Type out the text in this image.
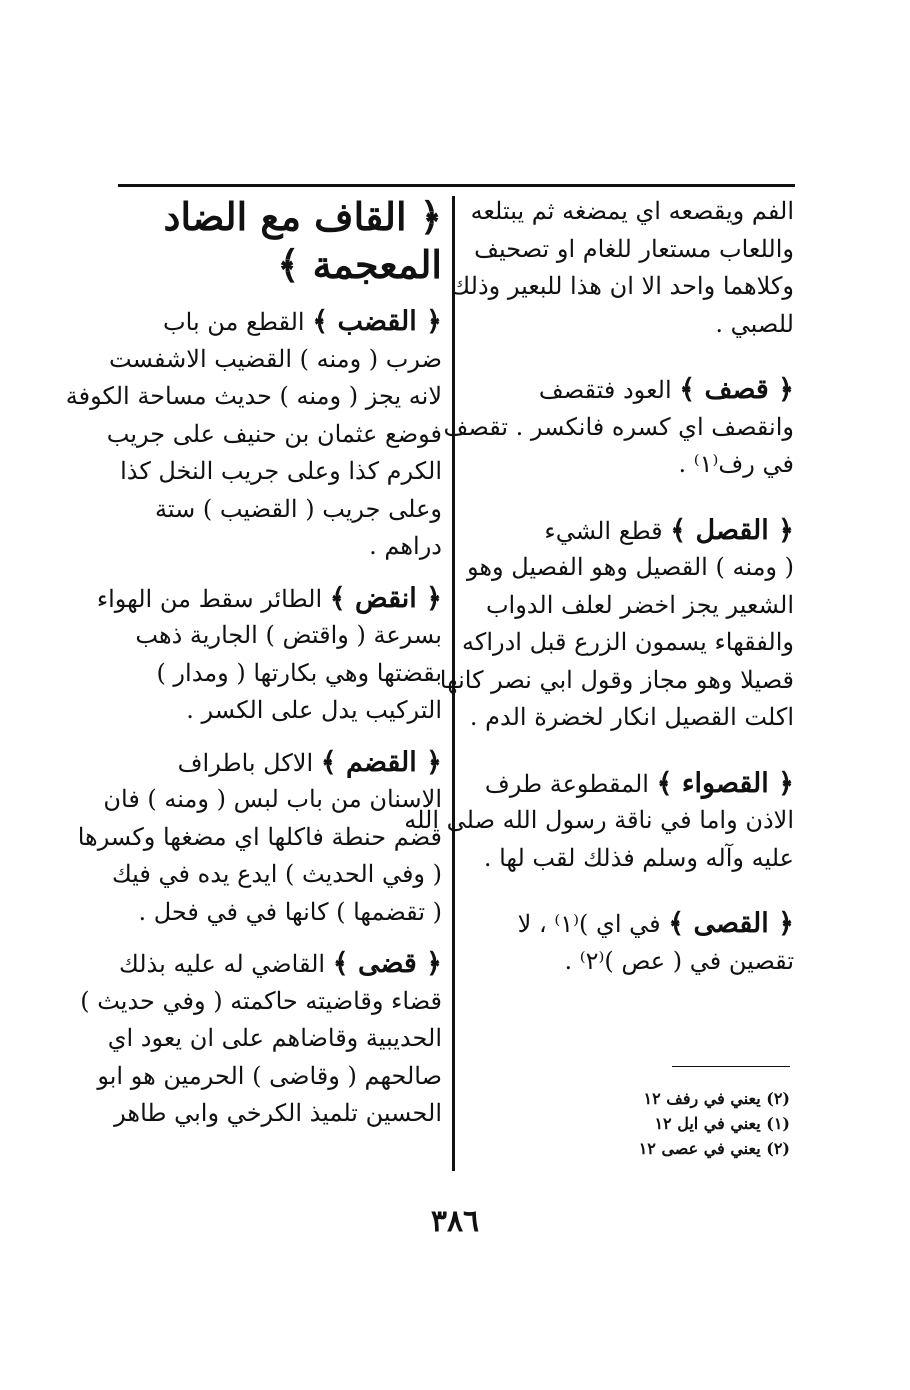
الفم ويقصعه اي يمضغه ثم يبتلعه
واللعاب مستعار للغام او تصحيف
وكلاهما واحد الا ان هذا للبعير وذلك
للصبي .
﴿ قصف ﴾ العود فتقصف
وانقصف اي كسره فانكسر . تقصف
في رف⁽١⁾ .
﴿ القصل ﴾ قطع الشيء
( ومنه ) القصيل وهو الفصيل وهو
الشعير يجز اخضر لعلف الدواب
والفقهاء يسمون الزرع قبل ادراكه
قصيلا وهو مجاز وقول ابي نصر كانها
اكلت القصيل انكار لخضرة الدم .
﴿ القصواء ﴾ المقطوعة طرف
الاذن واما في ناقة رسول الله صلى الله
عليه وآله وسلم فذلك لقب لها .
﴿ القصى ﴾ في اي )⁽١⁾ ، لا
تقصين في ( عص )⁽٢⁾ .
(٢) يعني في رفف ١٢
(١) يعني في ايل ١٢
(٢) يعني في عصى ١٢
﴿ القاف مع الضاد
المعجمة ﴾
﴿ القضب ﴾ القطع من باب
ضرب ( ومنه ) القضيب الاشفست
لانه يجز ( ومنه ) حديث مساحة الكوفة
فوضع عثمان بن حنيف على جريب
الكرم كذا وعلى جريب النخل كذا
وعلى جريب ( القضيب ) ستة
دراهم .
﴿ انقض ﴾ الطائر سقط من الهواء
بسرعة ( واقتض ) الجارية ذهب
بقضتها وهي بكارتها ( ومدار )
التركيب يدل على الكسر .
﴿ القضم ﴾ الاكل باطراف
الاسنان من باب لبس ( ومنه ) فان
قضم حنطة فاكلها اي مضغها وكسرها
( وفي الحديث ) ايدع يده في فيك
( تقضمها ) كانها في في فحل .
﴿ قضى ﴾ القاضي له عليه بذلك
قضاء وقاضيته حاكمته ( وفي حديث )
الحديبية وقاضاهم على ان يعود اي
صالحهم ( وقاضى ) الحرمين هو ابو
الحسين تلميذ الكرخي وابي طاهر
٣٨٦
